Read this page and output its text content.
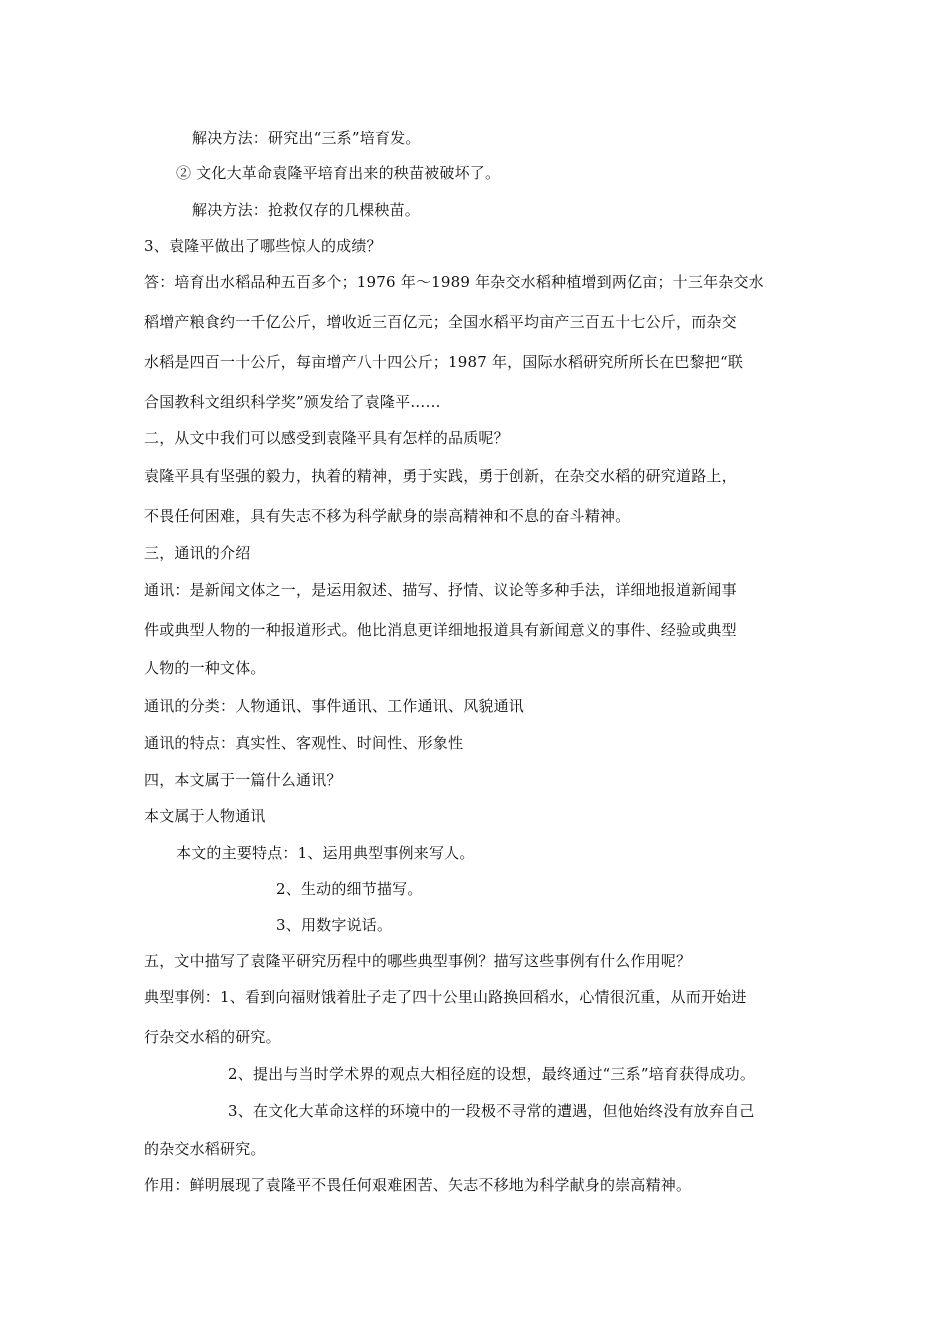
解决方法：研究出“三系”培育发。
② 文化大革命袁隆平培育出来的秧苗被破坏了。
解决方法：抢救仅存的几棵秧苗。
3、袁隆平做出了哪些惊人的成绩？
答：培育出水稻品种五百多个；1976 年～1989 年杂交水稻种植增到两亿亩；十三年杂交水
稻增产粮食约一千亿公斤，增收近三百亿元；全国水稻平均亩产三百五十七公斤，而杂交
水稻是四百一十公斤，每亩增产八十四公斤；1987 年，国际水稻研究所所长在巴黎把“联
合国教科文组织科学奖”颁发给了袁隆平……
二，从文中我们可以感受到袁隆平具有怎样的品质呢？
袁隆平具有坚强的毅力，执着的精神，勇于实践，勇于创新，在杂交水稻的研究道路上，
不畏任何困难，具有失志不移为科学献身的崇高精神和不息的奋斗精神。
三，通讯的介绍
通讯：是新闻文体之一，是运用叙述、描写、抒情、议论等多种手法，详细地报道新闻事
件或典型人物的一种报道形式。他比消息更详细地报道具有新闻意义的事件、经验或典型
人物的一种文体。
通讯的分类：人物通讯、事件通讯、工作通讯、风貌通讯
通讯的特点：真实性、客观性、时间性、形象性
四，本文属于一篇什么通讯？
本文属于人物通讯
本文的主要特点：1、运用典型事例来写人。
2、生动的细节描写。
3、用数字说话。
五，文中描写了袁隆平研究历程中的哪些典型事例？描写这些事例有什么作用呢？
典型事例：1、看到向福财饿着肚子走了四十公里山路换回稻水，心情很沉重，从而开始进
行杂交水稻的研究。
2、提出与当时学术界的观点大相径庭的设想，最终通过“三系”培育获得成功。
3、在文化大革命这样的环境中的一段极不寻常的遭遇，但他始终没有放弃自己
的杂交水稻研究。
作用：鲜明展现了袁隆平不畏任何艰难困苦、矢志不移地为科学献身的崇高精神。
